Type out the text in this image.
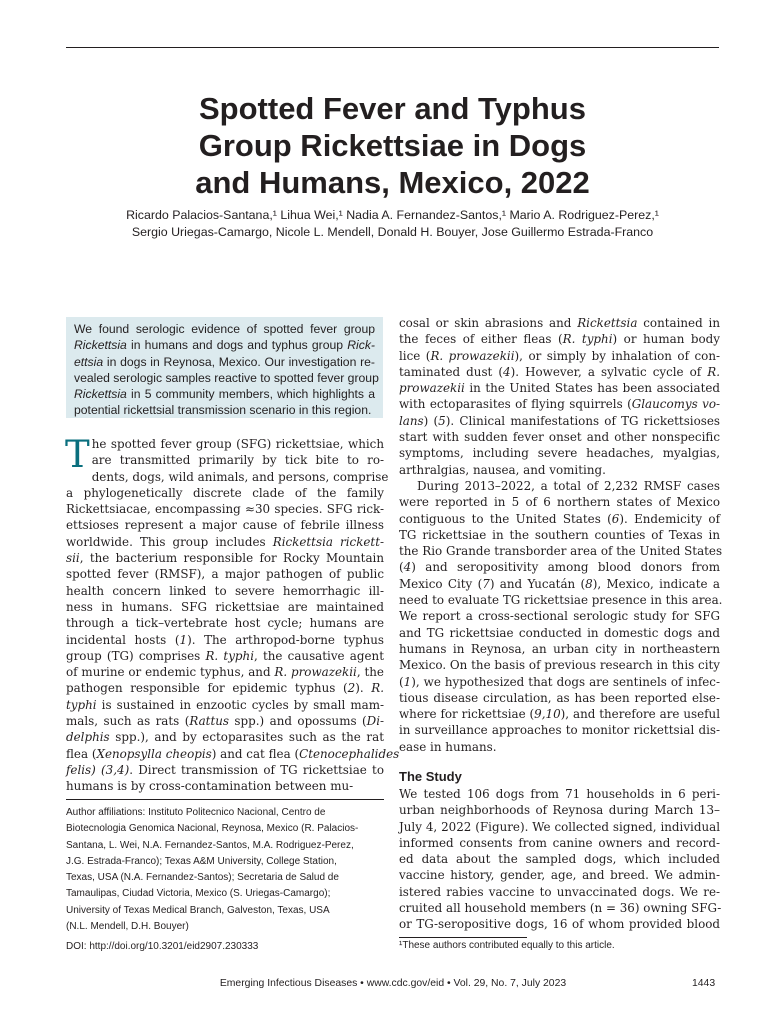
Spotted Fever and Typhus
Group Rickettsiae in Dogs
and Humans, Mexico, 2022
Ricardo Palacios-Santana,¹ Lihua Wei,¹ Nadia A. Fernandez-Santos,¹ Mario A. Rodriguez-Perez,¹
Sergio Uriegas-Camargo, Nicole L. Mendell, Donald H. Bouyer, Jose Guillermo Estrada-Franco
We found serologic evidence of spotted fever group
Rickettsia in humans and dogs and typhus group Rick-
ettsia in dogs in Reynosa, Mexico. Our investigation re-
vealed serologic samples reactive to spotted fever group
Rickettsia in 5 community members, which highlights a
potential rickettsial transmission scenario in this region.
T he spotted fever group (SFG) rickettsiae, which
are transmitted primarily by tick bite to ro-
dents, dogs, wild animals, and persons, comprise
a phylogenetically discrete clade of the family
Rickettsiacae, encompassing ≈30 species. SFG rick-
ettsioses represent a major cause of febrile illness
worldwide. This group includes Rickettsia rickett-
sii, the bacterium responsible for Rocky Mountain
spotted fever (RMSF), a major pathogen of public
health concern linked to severe hemorrhagic ill-
ness in humans. SFG rickettsiae are maintained
through a tick–vertebrate host cycle; humans are
incidental hosts (1). The arthropod-borne typhus
group (TG) comprises R. typhi, the causative agent
of murine or endemic typhus, and R. prowazekii, the
pathogen responsible for epidemic typhus (2). R.
typhi is sustained in enzootic cycles by small mam-
mals, such as rats (Rattus spp.) and opossums (Di-
delphis spp.), and by ectoparasites such as the rat
flea (Xenopsylla cheopis) and cat flea (Ctenocephalides
felis) (3,4). Direct transmission of TG rickettsiae to
humans is by cross-contamination between mu-
Author affiliations: Instituto Politecnico Nacional, Centro de
Biotecnologia Genomica Nacional, Reynosa, Mexico (R. Palacios-
Santana, L. Wei, N.A. Fernandez-Santos, M.A. Rodriguez-Perez,
J.G. Estrada-Franco); Texas A&M University, College Station,
Texas, USA (N.A. Fernandez-Santos); Secretaria de Salud de
Tamaulipas, Ciudad Victoria, Mexico (S. Uriegas-Camargo);
University of Texas Medical Branch, Galveston, Texas, USA
(N.L. Mendell, D.H. Bouyer)
DOI: http://doi.org/10.3201/eid2907.230333
cosal or skin abrasions and Rickettsia contained in
the feces of either fleas (R. typhi) or human body
lice (R. prowazekii), or simply by inhalation of con-
taminated dust (4). However, a sylvatic cycle of R.
prowazekii in the United States has been associated
with ectoparasites of flying squirrels (Glaucomys vo-
lans) (5). Clinical manifestations of TG rickettsioses
start with sudden fever onset and other nonspecific
symptoms, including severe headaches, myalgias,
arthralgias, nausea, and vomiting.
During 2013–2022, a total of 2,232 RMSF cases
were reported in 5 of 6 northern states of Mexico
contiguous to the United States (6). Endemicity of
TG rickettsiae in the southern counties of Texas in
the Rio Grande transborder area of the United States
(4) and seropositivity among blood donors from
Mexico City (7) and Yucatán (8), Mexico, indicate a
need to evaluate TG rickettsiae presence in this area.
We report a cross-sectional serologic study for SFG
and TG rickettsiae conducted in domestic dogs and
humans in Reynosa, an urban city in northeastern
Mexico. On the basis of previous research in this city
(1), we hypothesized that dogs are sentinels of infec-
tious disease circulation, as has been reported else-
where for rickettsiae (9,10), and therefore are useful
in surveillance approaches to monitor rickettsial dis-
ease in humans.
The Study
We tested 106 dogs from 71 households in 6 peri-
urban neighborhoods of Reynosa during March 13–
July 4, 2022 (Figure). We collected signed, individual
informed consents from canine owners and record-
ed data about the sampled dogs, which included
vaccine history, gender, age, and breed. We admin-
istered rabies vaccine to unvaccinated dogs. We re-
cruited all household members (n = 36) owning SFG-
or TG-seropositive dogs, 16 of whom provided blood
¹These authors contributed equally to this article.
Emerging Infectious Diseases • www.cdc.gov/eid • Vol. 29, No. 7, July 2023	1443
